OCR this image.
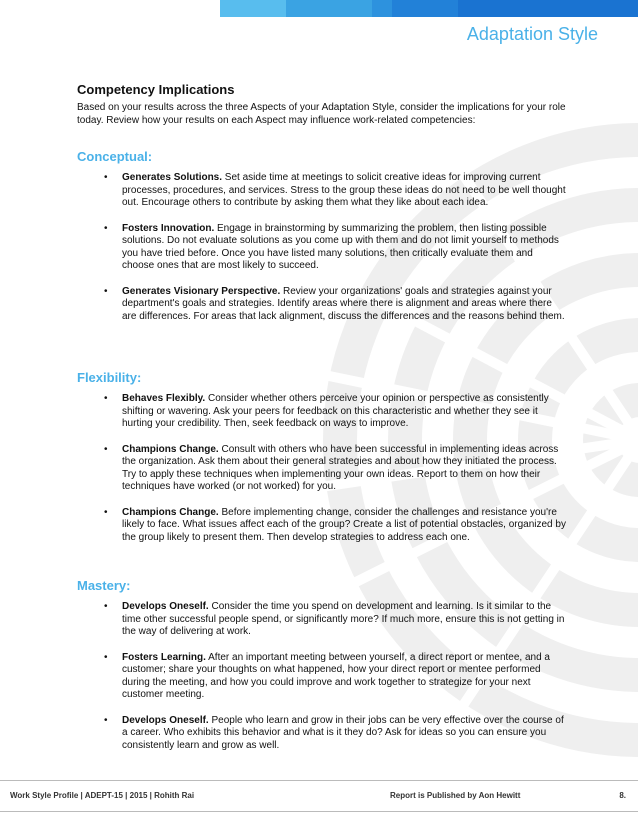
Adaptation Style
Competency Implications

Based on your results across the three Aspects of your Adaptation Style, consider the implications for your role today. Review how your results on each Aspect may influence work-related competencies:

Conceptual:
• Generates Solutions. Set aside time at meetings to solicit creative ideas for improving current processes, procedures, and services. Stress to the group these ideas do not need to be well thought out. Encourage others to contribute by asking them what they like about each idea.
• Fosters Innovation. Engage in brainstorming by summarizing the problem, then listing possible solutions. Do not evaluate solutions as you come up with them and do not limit yourself to methods you have tried before. Once you have listed many solutions, then critically evaluate them and choose ones that are most likely to succeed.
• Generates Visionary Perspective. Review your organizations' goals and strategies against your department's goals and strategies. Identify areas where there is alignment and areas where there are differences. For areas that lack alignment, discuss the differences and the reasons behind them.
Flexibility:
• Behaves Flexibly. Consider whether others perceive your opinion or perspective as consistently shifting or wavering. Ask your peers for feedback on this characteristic and whether they see it hurting your credibility. Then, seek feedback on ways to improve.
• Champions Change. Consult with others who have been successful in implementing ideas across the organization. Ask them about their general strategies and about how they initiated the process. Try to apply these techniques when implementing your own ideas. Report to them on how their techniques have worked (or not worked) for you.
• Champions Change. Before implementing change, consider the challenges and resistance you're likely to face. What issues affect each of the group? Create a list of potential obstacles, organized by the group likely to present them. Then develop strategies to address each one.
Mastery:
• Develops Oneself. Consider the time you spend on development and learning. Is it similar to the time other successful people spend, or significantly more? If much more, ensure this is not getting in the way of delivering at work.
• Fosters Learning. After an important meeting between yourself, a direct report or mentee, and a customer; share your thoughts on what happened, how your direct report or mentee performed during the meeting, and how you could improve and work together to strategize for your next customer meeting.
• Develops Oneself. People who learn and grow in their jobs can be very effective over the course of a career. Who exhibits this behavior and what is it they do? Ask for ideas so you can ensure you consistently learn and grow as well.
Work Style Profile | ADEPT-15 | 2015 | Rohith Rai	Report is Published by Aon Hewitt	8.
